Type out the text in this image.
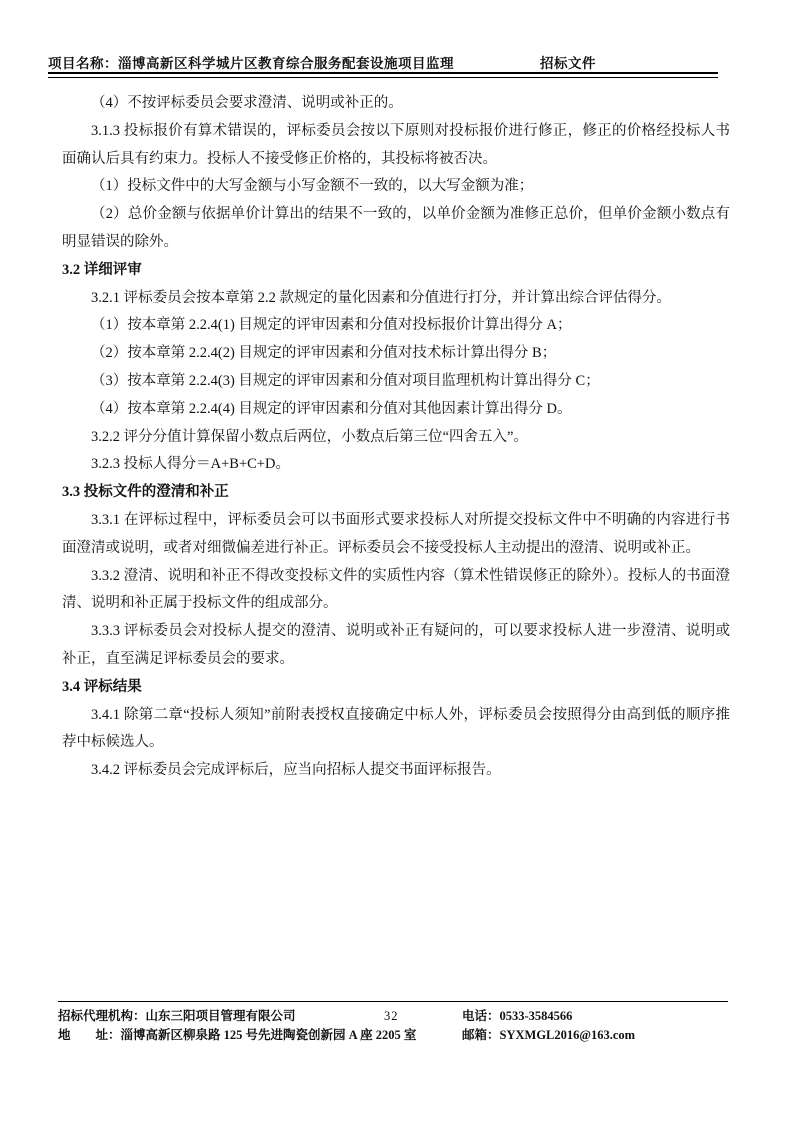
项目名称：淄博高新区科学城片区教育综合服务配套设施项目监理	招标文件
（4）不按评标委员会要求澄清、说明或补正的。
3.1.3 投标报价有算术错误的，评标委员会按以下原则对投标报价进行修正，修正的价格经投标人书面确认后具有约束力。投标人不接受修正价格的，其投标将被否决。
（1）投标文件中的大写金额与小写金额不一致的，以大写金额为准；
（2）总价金额与依据单价计算出的结果不一致的，以单价金额为准修正总价，但单价金额小数点有明显错误的除外。
3.2 详细评审
3.2.1 评标委员会按本章第 2.2 款规定的量化因素和分值进行打分，并计算出综合评估得分。
（1）按本章第 2.2.4(1) 目规定的评审因素和分值对投标报价计算出得分 A；
（2）按本章第 2.2.4(2) 目规定的评审因素和分值对技术标计算出得分 B；
（3）按本章第 2.2.4(3) 目规定的评审因素和分值对项目监理机构计算出得分 C；
（4）按本章第 2.2.4(4) 目规定的评审因素和分值对其他因素计算出得分 D。
3.2.2 评分分值计算保留小数点后两位，小数点后第三位“四舍五入”。
3.2.3 投标人得分＝A+B+C+D。
3.3 投标文件的澄清和补正
3.3.1 在评标过程中，评标委员会可以书面形式要求投标人对所提交投标文件中不明确的内容进行书面澄清或说明，或者对细微偏差进行补正。评标委员会不接受投标人主动提出的澄清、说明或补正。
3.3.2 澄清、说明和补正不得改变投标文件的实质性内容（算术性错误修正的除外）。投标人的书面澄清、说明和补正属于投标文件的组成部分。
3.3.3 评标委员会对投标人提交的澄清、说明或补正有疑问的，可以要求投标人进一步澄清、说明或补正，直至满足评标委员会的要求。
3.4 评标结果
3.4.1 除第二章“投标人须知”前附表授权直接确定中标人外，评标委员会按照得分由高到低的顺序推荐中标候选人。
3.4.2 评标委员会完成评标后，应当向招标人提交书面评标报告。
招标代理机构：山东三阳项目管理有限公司	32	电话：0533-3584566
地　　址：淄博高新区柳泉路 125 号先进陶瓷创新园 A 座 2205 室	邮箱：SYXMGL2016@163.com
